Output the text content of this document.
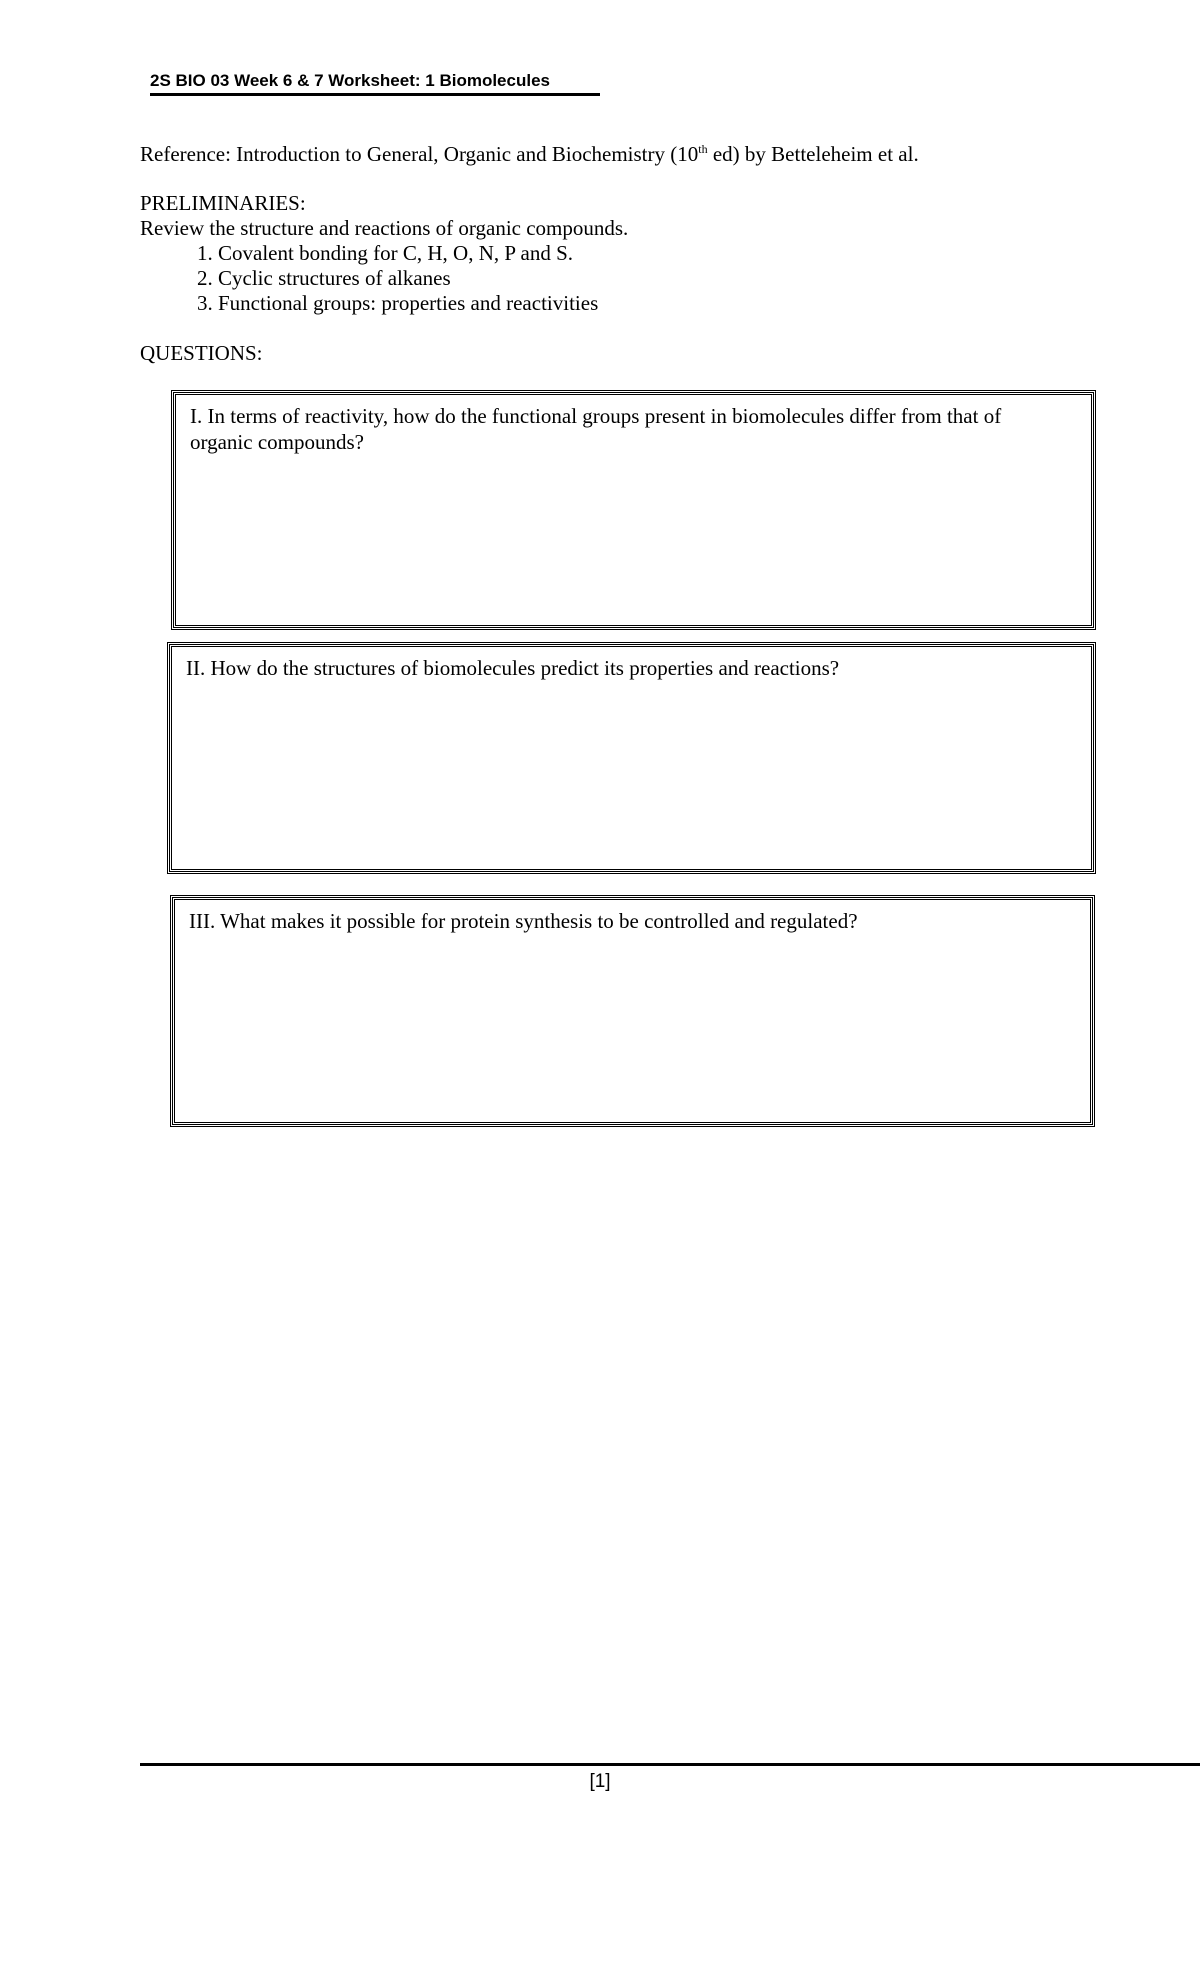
2S BIO 03 Week 6 & 7 Worksheet: 1 Biomolecules
Reference: Introduction to General, Organic and Biochemistry (10th ed) by Betteleheim et al.
PRELIMINARIES:
Review the structure and reactions of organic compounds.
1. Covalent bonding for C, H, O, N, P and S.
2. Cyclic structures of alkanes
3. Functional groups: properties and reactivities
QUESTIONS:
I. In terms of reactivity, how do the functional groups present in biomolecules differ from that of organic compounds?
II. How do the structures of biomolecules predict its properties and reactions?
III. What makes it possible for protein synthesis to be controlled and regulated?
[1]
